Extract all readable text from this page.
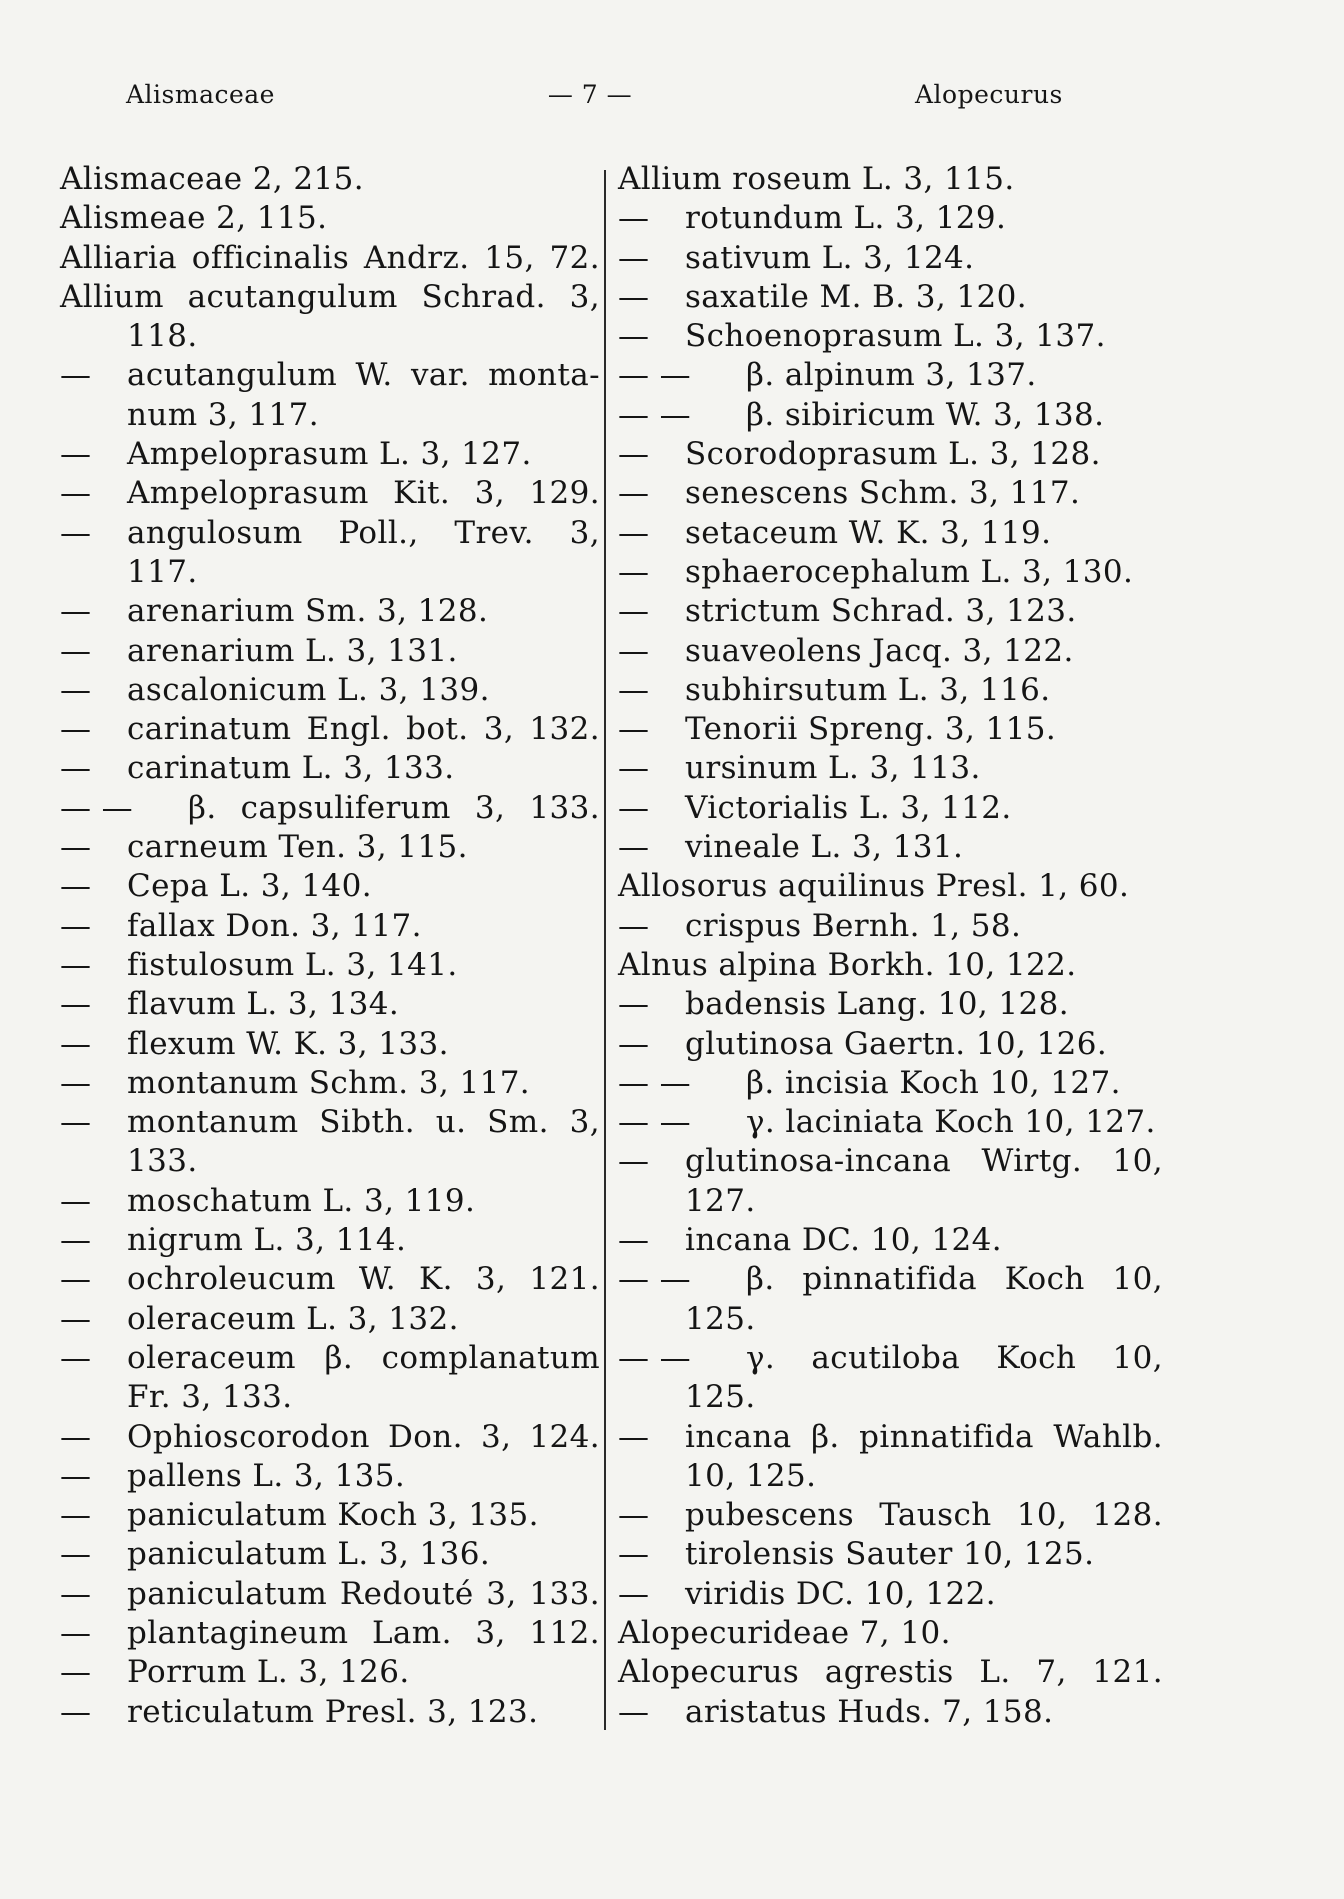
Alismaceae	— 7 —	Alopecurus
Alismaceae 2, 215.
Alismeae 2, 115.
Alliaria officinalis Andrz. 15, 72.
Allium acutangulum Schrad. 3,
118.
—	acutangulum W. var. monta-
num 3, 117.
—	Ampeloprasum L. 3, 127.
—	Ampeloprasum Kit. 3, 129.
—	angulosum Poll., Trev. 3,
117.
—	arenarium Sm. 3, 128.
—	arenarium L. 3, 131.
—	ascalonicum L. 3, 139.
—	carinatum Engl. bot. 3, 132.
—	carinatum L. 3, 133.
— —	β. capsuliferum 3, 133.
—	carneum Ten. 3, 115.
—	Cepa L. 3, 140.
—	fallax Don. 3, 117.
—	fistulosum L. 3, 141.
—	flavum L. 3, 134.
—	flexum W. K. 3, 133.
—	montanum Schm. 3, 117.
—	montanum Sibth. u. Sm. 3,
133.
—	moschatum L. 3, 119.
—	nigrum L. 3, 114.
—	ochroleucum W. K. 3, 121.
—	oleraceum L. 3, 132.
—	oleraceum β. complanatum
Fr. 3, 133.
—	Ophioscorodon Don. 3, 124.
—	pallens L. 3, 135.
—	paniculatum Koch 3, 135.
—	paniculatum L. 3, 136.
—	paniculatum Redouté 3, 133.
—	plantagineum Lam. 3, 112.
—	Porrum L. 3, 126.
—	reticulatum Presl. 3, 123.
Allium roseum L. 3, 115.
—	rotundum L. 3, 129.
—	sativum L. 3, 124.
—	saxatile M. B. 3, 120.
—	Schoenoprasum L. 3, 137.
— —	β. alpinum 3, 137.
— —	β. sibiricum W. 3, 138.
—	Scorodoprasum L. 3, 128.
—	senescens Schm. 3, 117.
—	setaceum W. K. 3, 119.
—	sphaerocephalum L. 3, 130.
—	strictum Schrad. 3, 123.
—	suaveolens Jacq. 3, 122.
—	subhirsutum L. 3, 116.
—	Tenorii Spreng. 3, 115.
—	ursinum L. 3, 113.
—	Victorialis L. 3, 112.
—	vineale L. 3, 131.
Allosorus aquilinus Presl. 1, 60.
—	crispus Bernh. 1, 58.
Alnus alpina Borkh. 10, 122.
—	badensis Lang. 10, 128.
—	glutinosa Gaertn. 10, 126.
— —	β. incisia Koch 10, 127.
— —	γ. laciniata Koch 10, 127.
—	glutinosa-incana Wirtg. 10,
127.
—	incana DC. 10, 124.
— —	β. pinnatifida Koch 10,
125.
— —	γ. acutiloba Koch 10,
125.
—	incana β. pinnatifida Wahlb.
10, 125.
—	pubescens Tausch 10, 128.
—	tirolensis Sauter 10, 125.
—	viridis DC. 10, 122.
Alopecurideae 7, 10.
Alopecurus agrestis L. 7, 121.
—	aristatus Huds. 7, 158.
